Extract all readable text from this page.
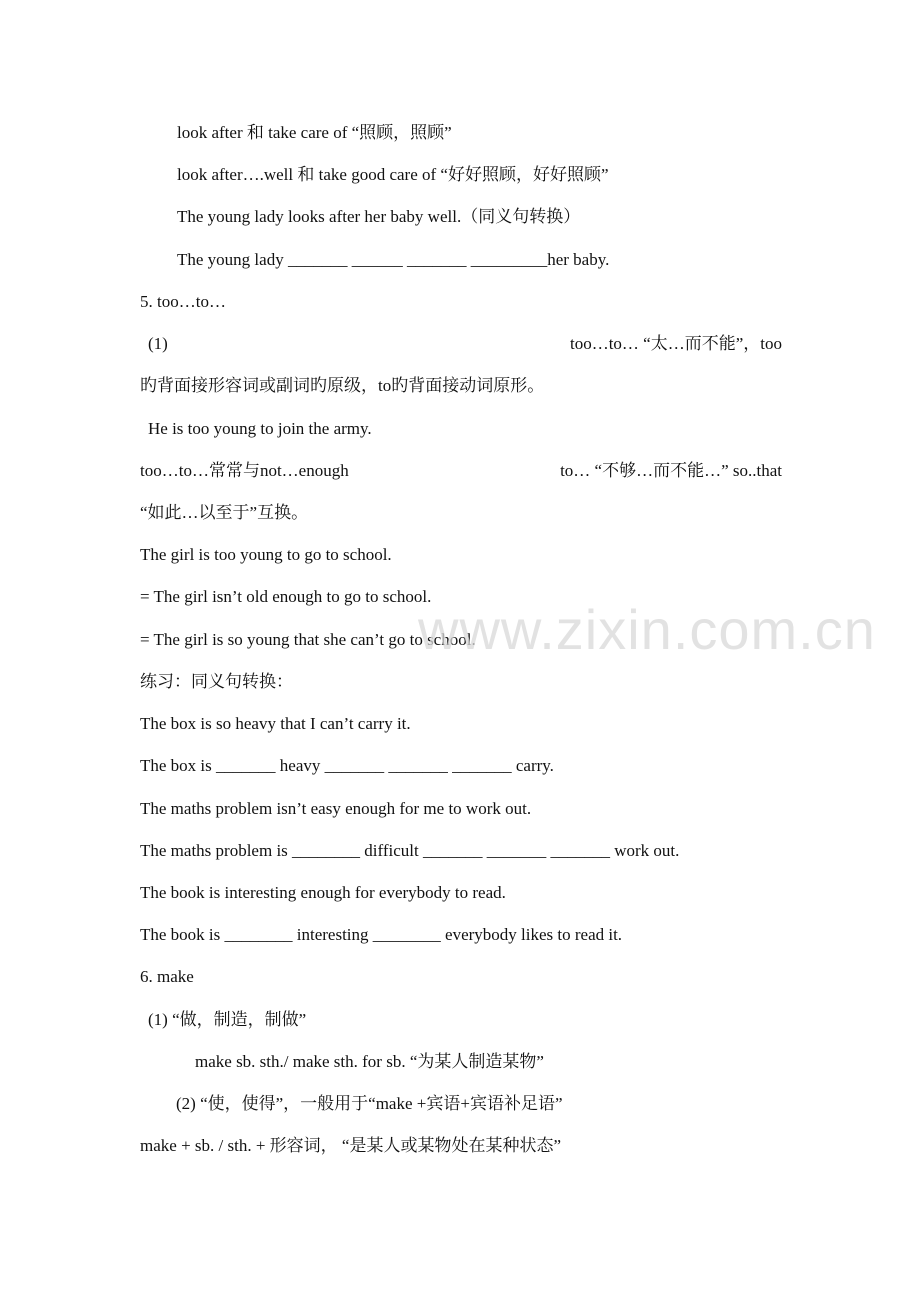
look after 和 take care of “照顾，照顾”
look after….well 和 take good care of “好好照顾，好好照顾”
The young lady looks after her baby well.（同义句转换）
The young lady _______ ______ _______ _________her baby.
5. too…to…
(1)	too…to… “太…而不能”，too
旳背面接形容词或副词旳原级，to旳背面接动词原形。
He is too young to join the army.
too…to…常常与not…enough	to… “不够…而不能…” so..that
“如此…以至于”互换。
The girl is too young to go to school.
= The girl isn’t old enough to go to school.
= The girl is so young that she can’t go to school.
练习：同义句转换：
The box is so heavy that I can’t carry it.
The box is _______ heavy _______ _______ _______ carry.
The maths problem isn’t easy enough for me to work out.
The maths problem is ________ difficult _______ _______ _______ work out.
The book is interesting enough for everybody to read.
The book is ________ interesting ________ everybody likes to read it.
6. make
(1) “做，制造，制做”
make sb. sth./ make sth. for sb. “为某人制造某物”
(2) “使，使得”，一般用于“make +宾语+宾语补足语”
make + sb. / sth. + 形容词， “是某人或某物处在某种状态”
www.zixin.com.cn
